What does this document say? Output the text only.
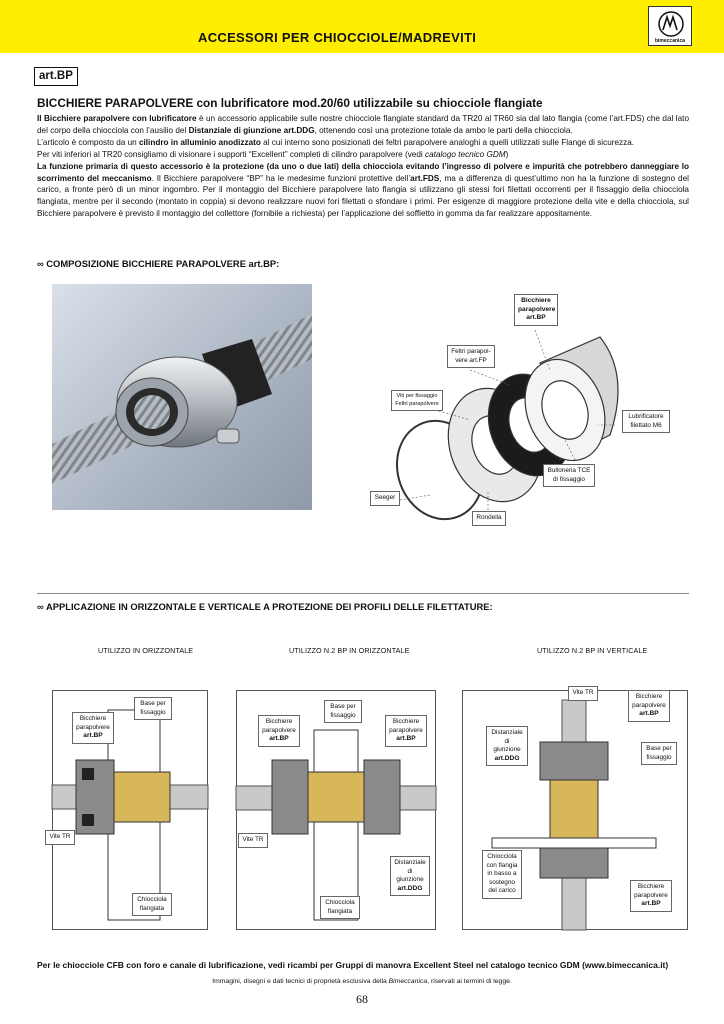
ACCESSORI PER CHIOCCIOLE/MADREVITI	bimeccanica
art.BP
BICCHIERE PARAPOLVERE con lubrificatore mod.20/60 utilizzabile su chiocciole flangiate

Il Bicchiere parapolvere con lubrificatore è un accessorio applicabile sulle nostre chiocciole flangiate standard da TR20 al TR60 sia dal lato flangia (come l’art.FDS) che dal lato del corpo della chiocciola con l’ausilio del Distanziale di giunzione art.DDG, ottenendo così una protezione totale da ambo le parti della chiocciola.

L’articolo è composto da un cilindro in alluminio anodizzato al cui interno sono posizionati dei feltri parapolvere analoghi a quelli utilizzati sulle Flange di sicurezza.

Per viti inferiori al TR20 consigliamo di visionare i supporti “Excellent” completi di cilindro parapolvere (vedi catalogo tecnico GDM)

La funzione primaria di questo accessorio è la protezione (da uno o due lati) della chiocciola evitando l’ingresso di polvere e impurità che potrebbero danneggiare lo scorrimento del meccanismo. Il Bicchiere parapolvere “BP” ha le medesime funzioni protettive dell’art.FDS, ma a differenza di quest’ultimo non ha la funzione di sostegno del carico, a fronte però di un minor ingombro. Per il montaggio del Bicchiere parapolvere lato flangia si utilizzano gli stessi fori filettati occorrenti per il fissaggio della chiocciola flangiata, mentre per il secondo (montato in coppia) si devono realizzare nuovi fori filettati o sfondare i primi. Per esigenze di maggiore protezione della vite e della chiocciola, sul Bicchiere parapolvere è previsto il montaggio del collettore (fornibile a richiesta) per l’applicazione del soffietto in gomma da far realizzare appositamente.

∞ COMPOSIZIONE BICCHIERE PARAPOLVERE art.BP:
Bicchiere
parapolvere
art.BP
Feltri parapol-
vere art.FP
Viti per fissaggio
Feltri parapolvere
Lubrificatore
filettato M6
Bulloneria TCE
di fissaggio
Seeger
Rondella
∞ APPLICAZIONE IN ORIZZONTALE E VERTICALE A PROTEZIONE DEI PROFILI DELLE FILETTATURE:
UTILIZZO IN ORIZZONTALE	UTILIZZO N.2 BP IN ORIZZONTALE	UTILIZZO N.2 BP IN VERTICALE
Base per
fissaggio
Bicchiere
parapolvere
art.BP
Vite TR
Chiocciola
flangiata
Base per
fissaggio
Bicchiere
parapolvere
art.BP
Bicchiere
parapolvere
art.BP
Vite TR
Distanziale
di giunzione
art.DDG
Chiocciola
flangiata
Vite TR
Bicchiere
parapolvere
art.BP
Distanziale
di giunzione
art.DDG
Base per
fissaggio
Chiocciola
con flangia
in basso a
sostegno
del carico
Bicchiere
parapolvere
art.BP
Per le chiocciole CFB con foro e canale di lubrificazione, vedi ricambi per Gruppi di manovra Excellent Steel nel catalogo tecnico GDM (www.bimeccanica.it)
Immagini, disegni e dati tecnici di proprietà esclusiva della Bimeccanica, riservati ai termini di legge.
68
